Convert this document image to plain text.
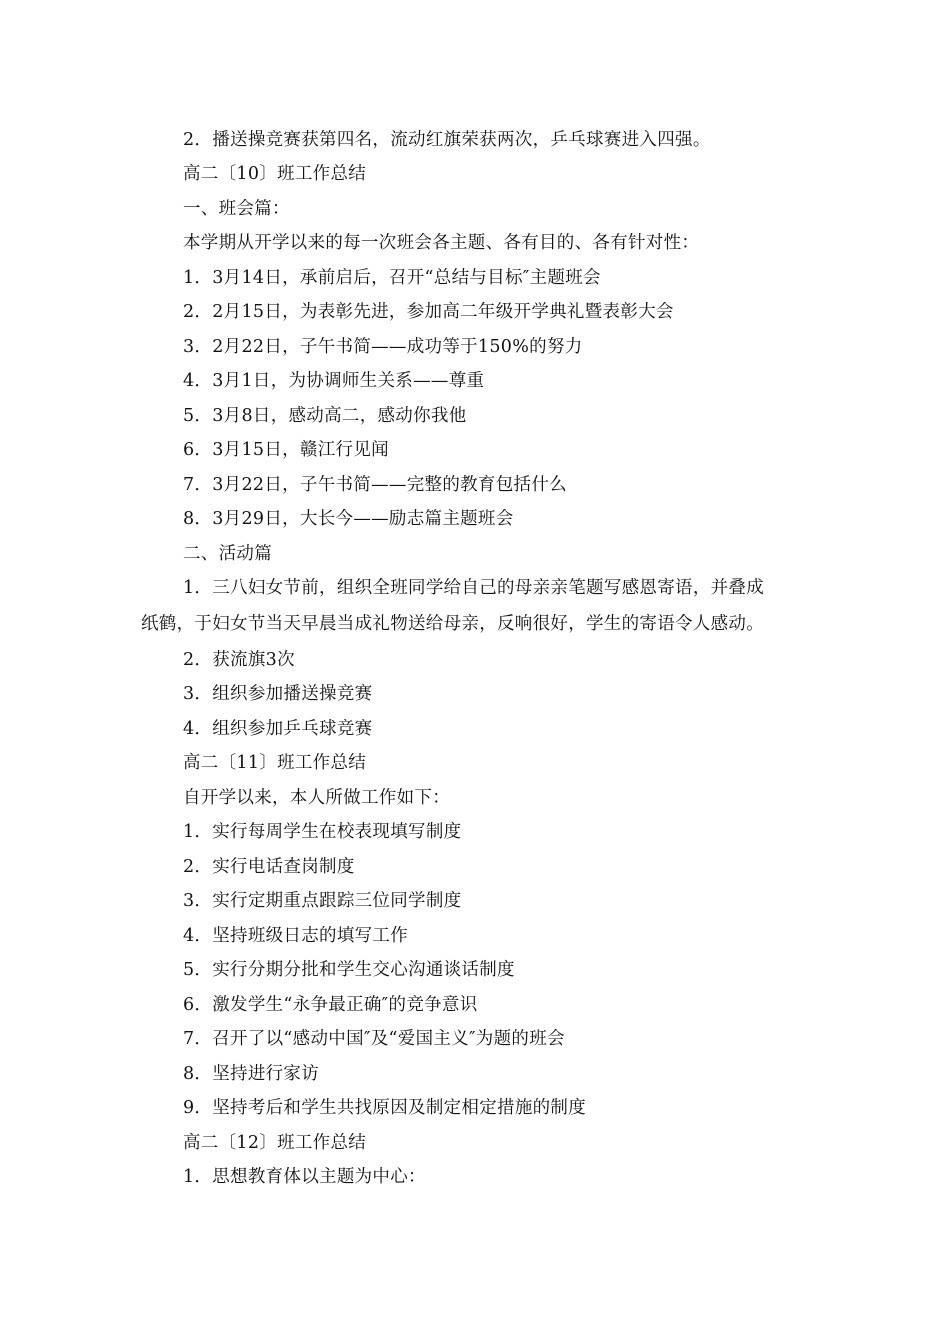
2．播送操竞赛获第四名，流动红旗荣获两次，乒乓球赛进入四强。
高二〔10〕班工作总结
一、班会篇：
本学期从开学以来的每一次班会各主题、各有目的、各有针对性：
1．3月14日，承前启后，召开“总结与目标″主题班会
2．2月15日，为表彰先进，参加高二年级开学典礼暨表彰大会
3．2月22日，子午书简——成功等于150%的努力
4．3月1日，为协调师生关系——尊重
5．3月8日，感动高二，感动你我他
6．3月15日，赣江行见闻
7．3月22日，子午书简——完整的教育包括什么
8．3月29日，大长今——励志篇主题班会
二、活动篇
1．三八妇女节前，组织全班同学给自己的母亲亲笔题写感恩寄语，并叠成
纸鹤，于妇女节当天早晨当成礼物送给母亲，反响很好，学生的寄语令人感动。
2．获流旗3次
3．组织参加播送操竞赛
4．组织参加乒乓球竞赛
高二〔11〕班工作总结
自开学以来，本人所做工作如下：
1．实行每周学生在校表现填写制度
2．实行电话查岗制度
3．实行定期重点跟踪三位同学制度
4．坚持班级日志的填写工作
5．实行分期分批和学生交心沟通谈话制度
6．激发学生“永争最正确″的竞争意识
7．召开了以“感动中国″及“爱国主义″为题的班会
8．坚持进行家访
9．坚持考后和学生共找原因及制定相定措施的制度
高二〔12〕班工作总结
1．思想教育体以主题为中心：
